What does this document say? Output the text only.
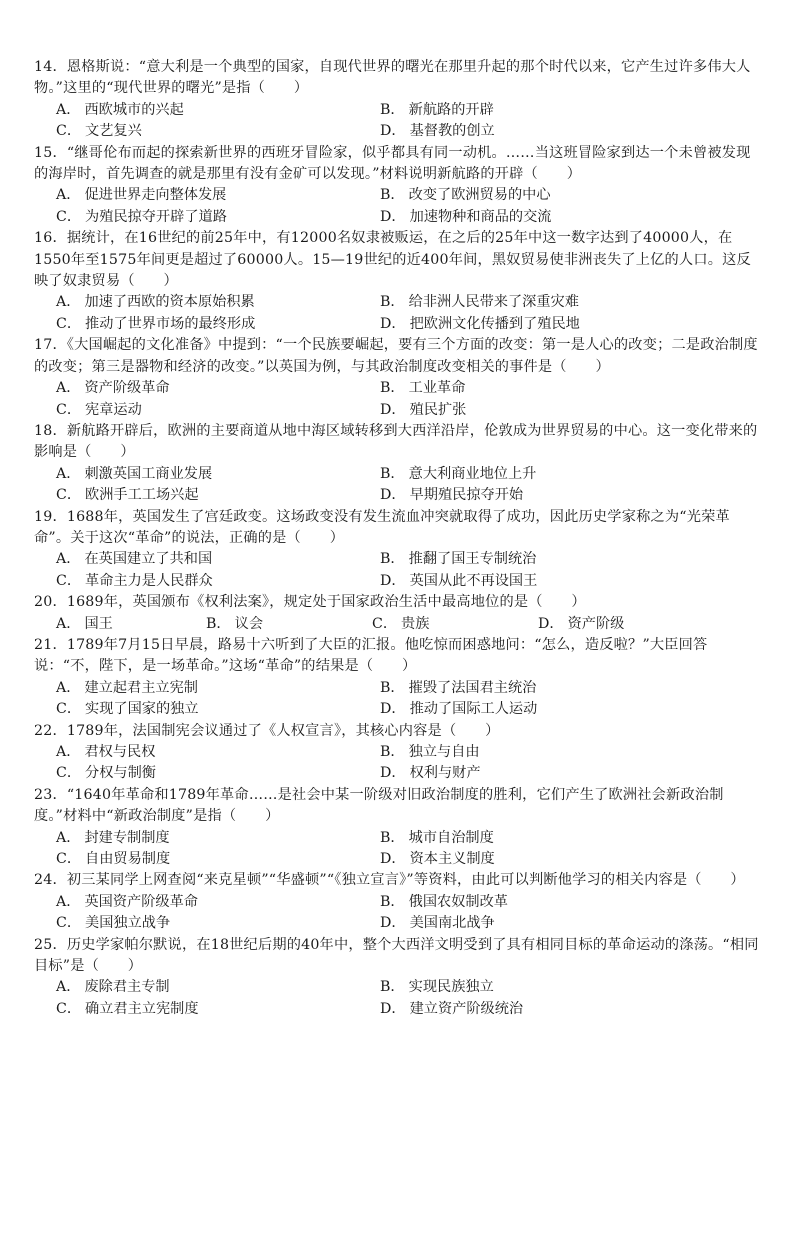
14．恩格斯说：“意大利是一个典型的国家，自现代世界的曙光在那里升起的那个时代以来，它产生过许多伟大人物。”这里的“现代世界的曙光”是指（　　）

A． 西欧城市的兴起	B． 新航路的开辟
C． 文艺复兴	D． 基督教的创立

15．“继哥伦布而起的探索新世界的西班牙冒险家，似乎都具有同一动机。……当这班冒险家到达一个未曾被发现的海岸时，首先调查的就是那里有没有金矿可以发现。”材料说明新航路的开辟（　　）

A． 促进世界走向整体发展	B． 改变了欧洲贸易的中心
C． 为殖民掠夺开辟了道路	D． 加速物种和商品的交流

16．据统计，在16世纪的前25年中，有12000名奴隶被贩运，在之后的25年中这一数字达到了40000人，在1550年至1575年间更是超过了60000人。15—19世纪的近400年间，黑奴贸易使非洲丧失了上亿的人口。这反映了奴隶贸易（　　）

A． 加速了西欧的资本原始积累	B． 给非洲人民带来了深重灾难
C． 推动了世界市场的最终形成	D． 把欧洲文化传播到了殖民地

17．《大国崛起的文化准备》中提到：“一个民族要崛起，要有三个方面的改变：第一是人心的改变；二是政治制度的改变；第三是器物和经济的改变。”以英国为例，与其政治制度改变相关的事件是（　　）

A． 资产阶级革命	B． 工业革命
C． 宪章运动	D． 殖民扩张

18．新航路开辟后，欧洲的主要商道从地中海区域转移到大西洋沿岸，伦敦成为世界贸易的中心。这一变化带来的影响是（　　）

A． 刺激英国工商业发展	B． 意大利商业地位上升
C． 欧洲手工工场兴起	D． 早期殖民掠夺开始

19．1688年，英国发生了宫廷政变。这场政变没有发生流血冲突就取得了成功，因此历史学家称之为“光荣革命”。关于这次“革命”的说法，正确的是（　　）

A． 在英国建立了共和国	B． 推翻了国王专制统治
C． 革命主力是人民群众	D． 英国从此不再设国王

20．1689年，英国颁布《权利法案》，规定处于国家政治生活中最高地位的是（　　）

A． 国王	B． 议会	C． 贵族	D． 资产阶级

21．1789年7月15日早晨，路易十六听到了大臣的汇报。他吃惊而困惑地问：“怎么，造反啦？”大臣回答说：“不，陛下，是一场革命。”这场“革命”的结果是（　　）

A． 建立起君主立宪制	B． 摧毁了法国君主统治
C． 实现了国家的独立	D． 推动了国际工人运动

22．1789年，法国制宪会议通过了《人权宣言》，其核心内容是（　　）

A． 君权与民权	B． 独立与自由
C． 分权与制衡	D． 权利与财产

23．“1640年革命和1789年革命……是社会中某一阶级对旧政治制度的胜利，它们产生了欧洲社会新政治制度。”材料中“新政治制度”是指（　　）

A． 封建专制制度	B． 城市自治制度
C． 自由贸易制度	D． 资本主义制度

24．初三某同学上网查阅“来克星顿”“华盛顿”“《独立宣言》”等资料，由此可以判断他学习的相关内容是（　　）

A． 英国资产阶级革命	B． 俄国农奴制改革
C． 美国独立战争	D． 美国南北战争

25．历史学家帕尔默说，在18世纪后期的40年中，整个大西洋文明受到了具有相同目标的革命运动的涤荡。“相同目标”是（　　）

A． 废除君主专制	B． 实现民族独立
C． 确立君主立宪制度	D． 建立资产阶级统治
